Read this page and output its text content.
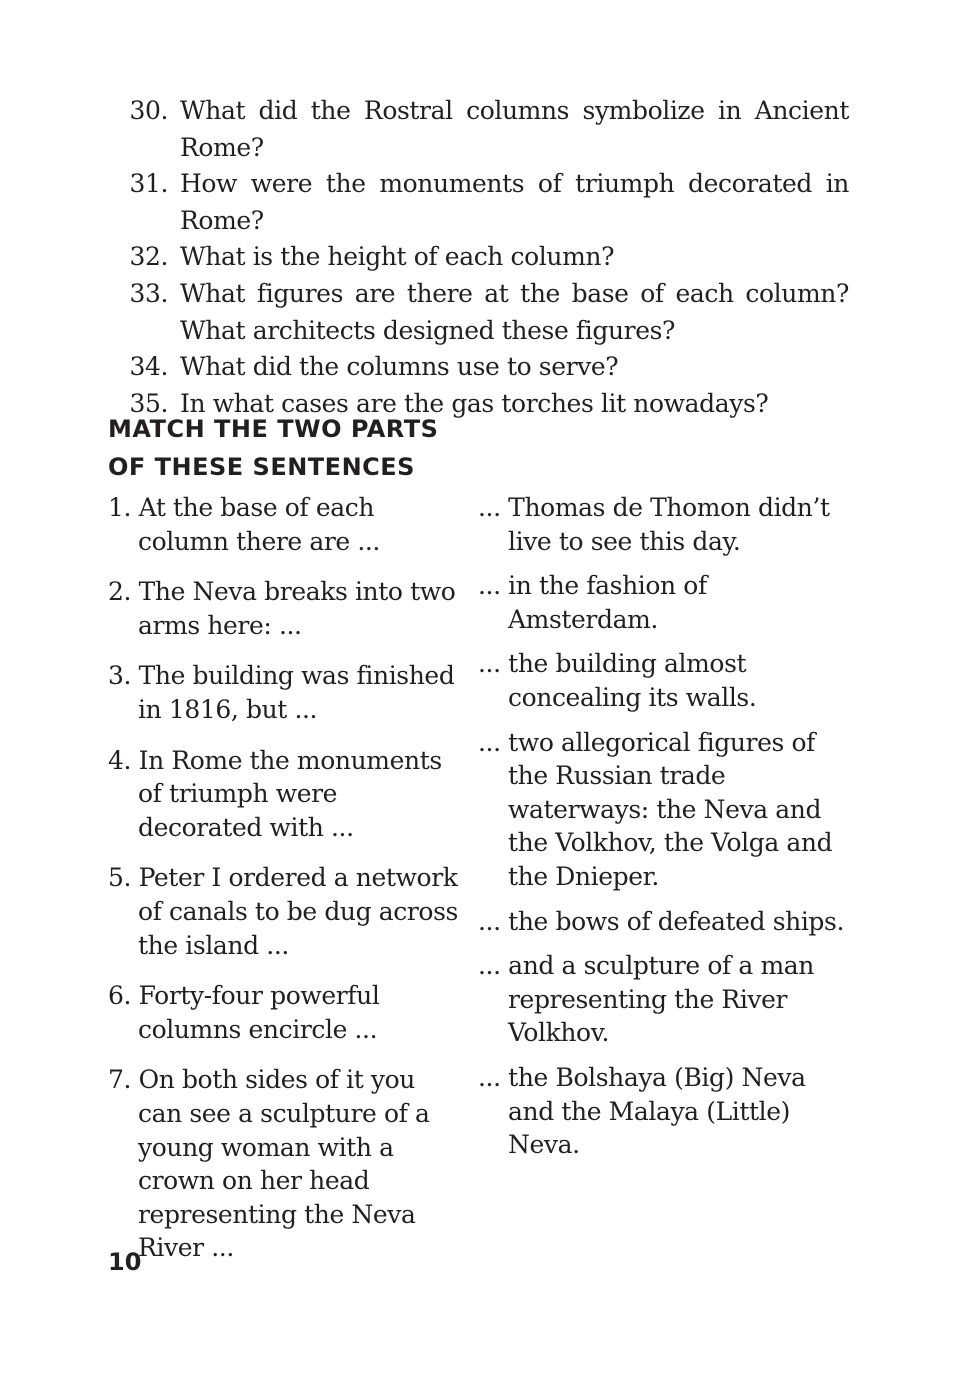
30. What did the Rostral columns symbolize in Ancient Rome?
31. How were the monuments of triumph decorated in Rome?
32. What is the height of each column?
33. What figures are there at the base of each column? What architects designed these figures?
34. What did the columns use to serve?
35. In what cases are the gas torches lit nowadays?
MATCH THE TWO PARTS
OF THESE SENTENCES
1. At the base of each column there are ...
2. The Neva breaks into two arms here: ...
3. The building was finished in 1816, but ...
4. In Rome the monuments of triumph were decorated with ...
5. Peter I ordered a network of canals to be dug across the island ...
6. Forty-four powerful columns encircle ...
7. On both sides of it you can see a sculpture of a young woman with a crown on her head representing the Neva River ...
... Thomas de Thomon didn’t live to see this day.
... in the fashion of Amsterdam.
... the building almost concealing its walls.
... two allegorical figures of the Russian trade waterways: the Neva and the Volkhov, the Volga and the Dnieper.
... the bows of defeated ships.
... and a sculpture of a man representing the River Volkhov.
... the Bolshaya (Big) Neva and the Malaya (Little) Neva.
10
